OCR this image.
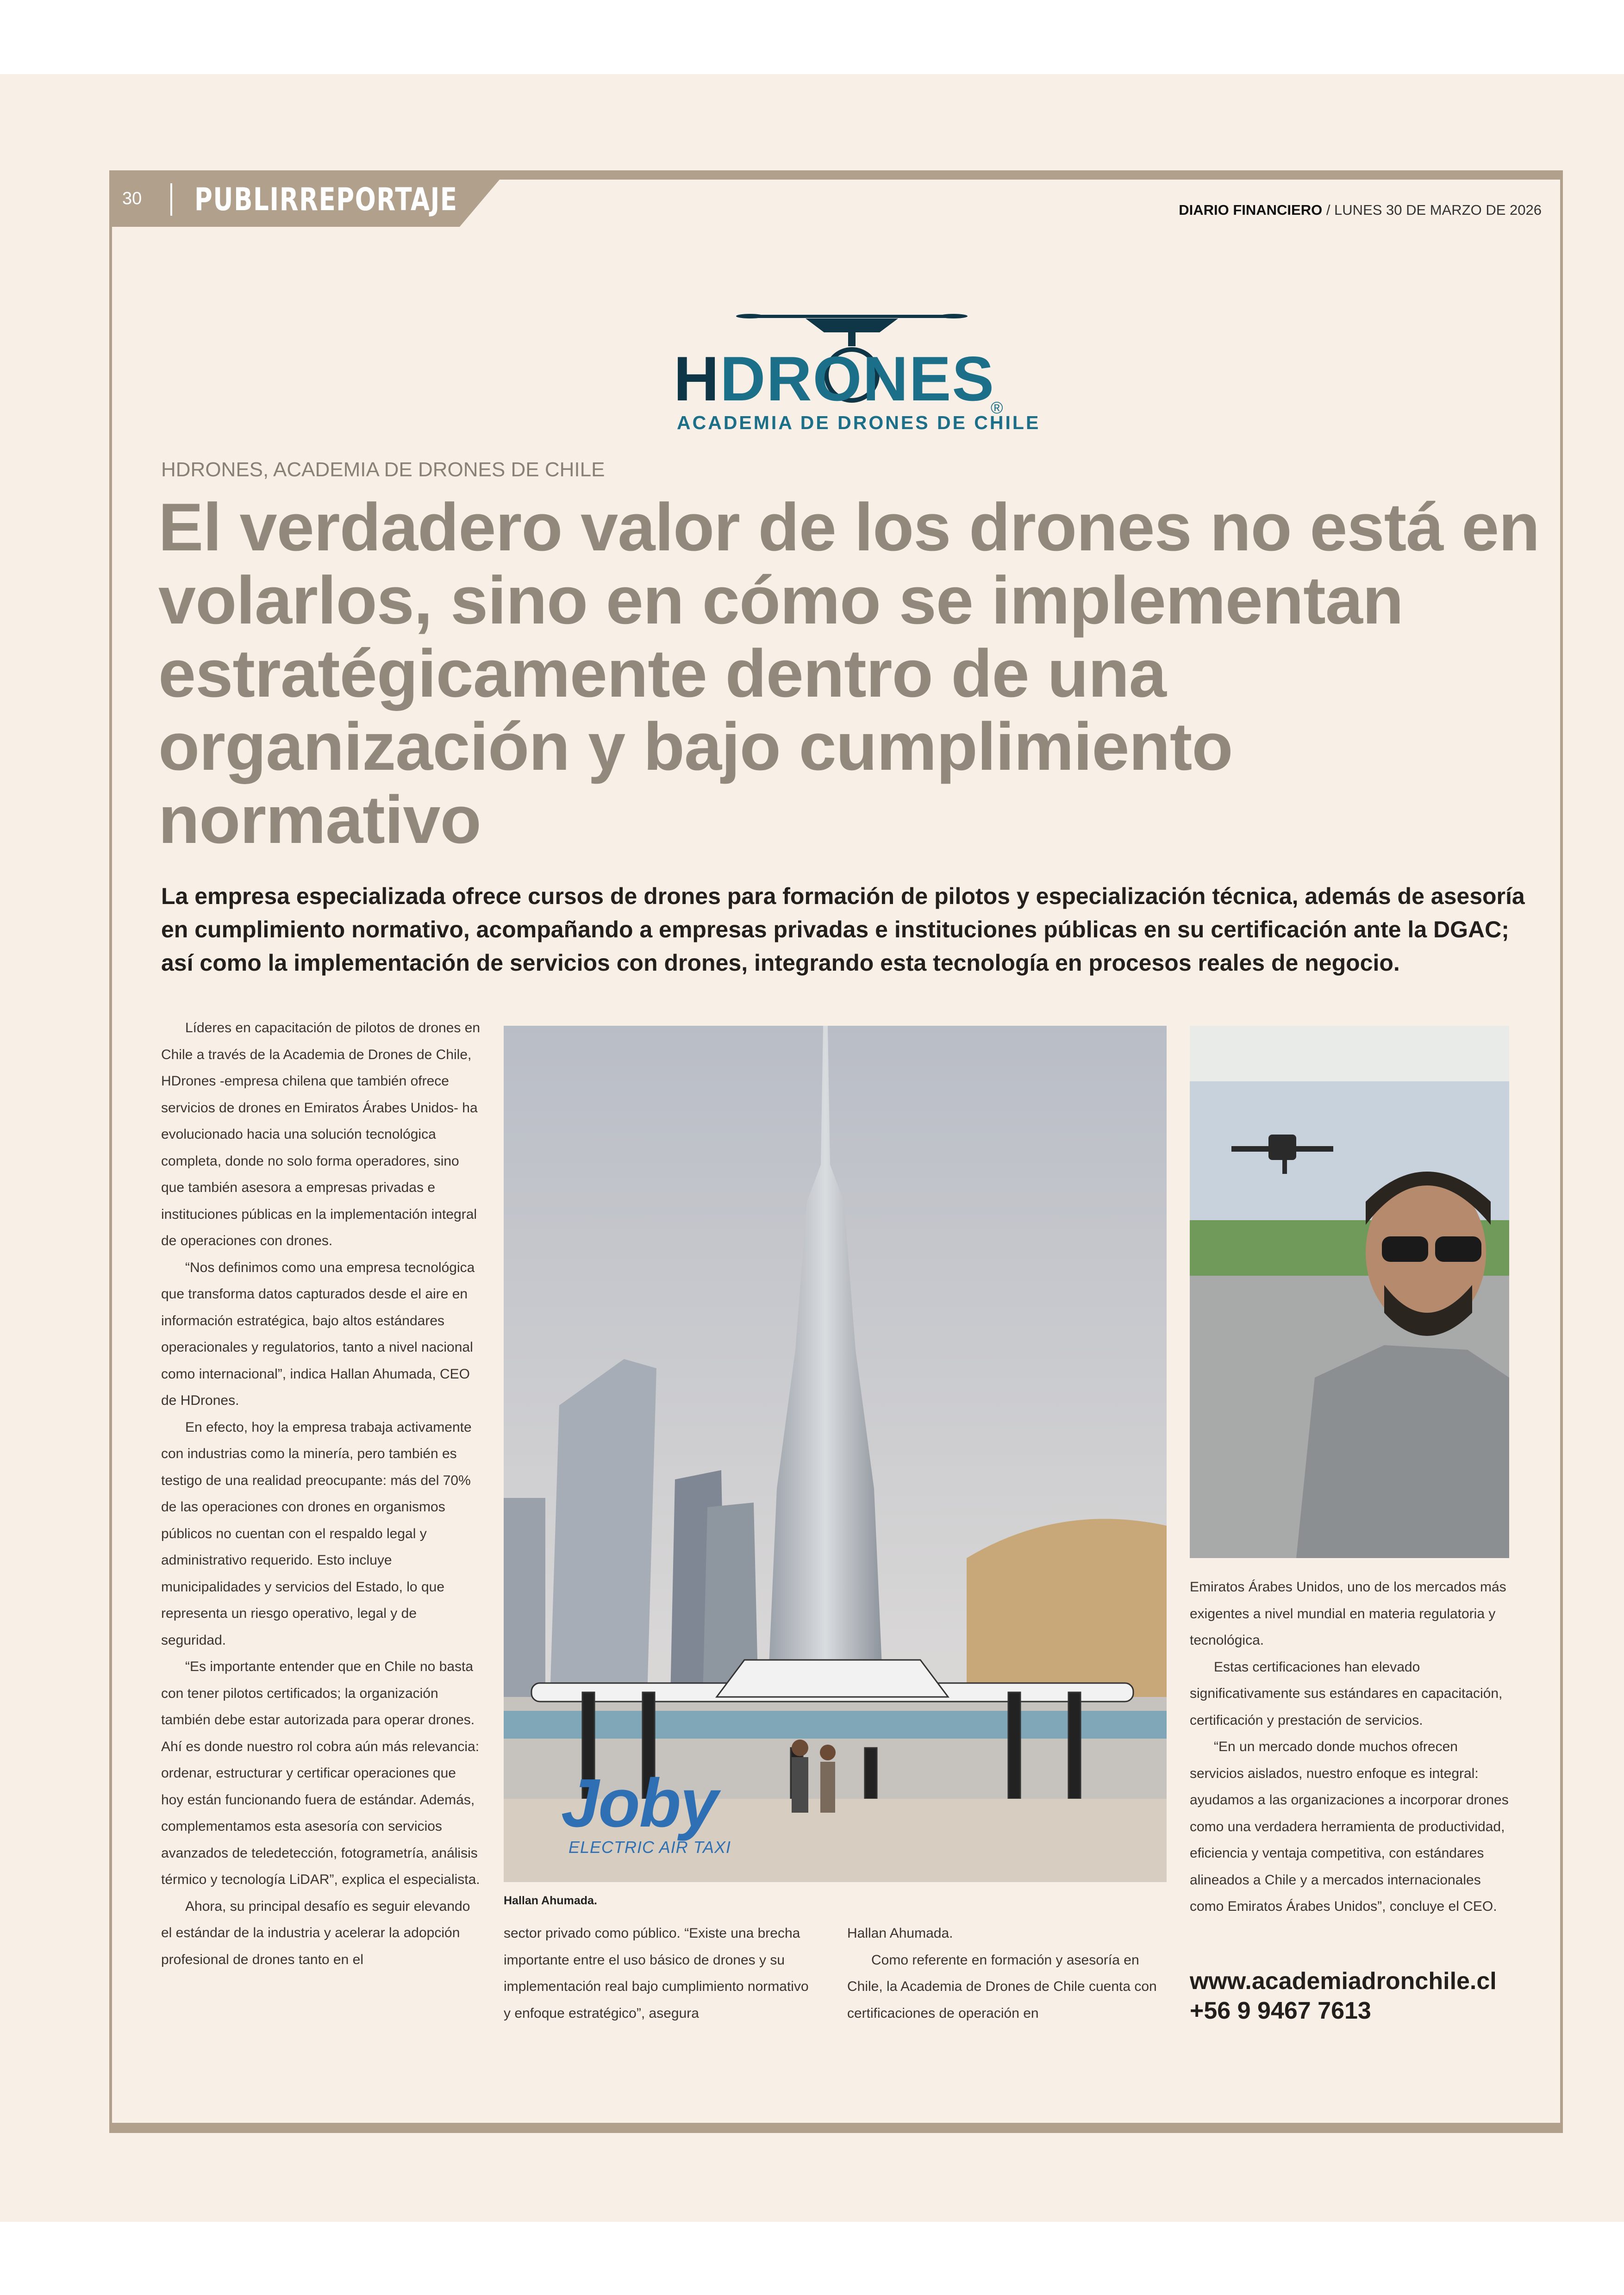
30 PUBLIRREPORTAJE	DIARIO FINANCIERO / LUNES 30 DE MARZO DE 2026
HDRONES
®
ACADEMIA DE DRONES DE CHILE
HDRONES, ACADEMIA DE DRONES DE CHILE
El verdadero valor de los drones no está en volarlos, sino en cómo se implementan estratégicamente dentro de una organización y bajo cumplimiento normativo
La empresa especializada ofrece cursos de drones para formación de pilotos y especialización técnica, además de asesoría en cumplimiento normativo, acompañando a empresas privadas e instituciones públicas en su certificación ante la DGAC; así como la implementación de servicios con drones, integrando esta tecnología en procesos reales de negocio.

Líderes en capacitación de pilotos de drones en Chile a través de la Academia de Drones de Chile, HDrones -empresa chilena que también ofrece servicios de drones en Emiratos Árabes Unidos- ha evolucionado hacia una solución tecnológica completa, donde no solo forma operadores, sino que también asesora a empresas privadas e instituciones públicas en la implementación integral de operaciones con drones.

“Nos definimos como una empresa tecnológica que transforma datos capturados desde el aire en información estratégica, bajo altos estándares operacionales y regulatorios, tanto a nivel nacional como internacional”, indica Hallan Ahumada, CEO de HDrones.

En efecto, hoy la empresa trabaja activamente con industrias como la minería, pero también es testigo de una realidad preocupante: más del 70% de las operaciones con drones en organismos públicos no cuentan con el respaldo legal y administrativo requerido. Esto incluye municipalidades y servicios del Estado, lo que representa un riesgo operativo, legal y de seguridad.

“Es importante entender que en Chile no basta con tener pilotos certificados; la organización también debe estar autorizada para operar drones. Ahí es donde nuestro rol cobra aún más relevancia: ordenar, estructurar y certificar operaciones que hoy están funcionando fuera de estándar. Además, complementamos esta asesoría con servicios avanzados de teledetección, fotogrametría, análisis térmico y tecnología LiDAR”, explica el especialista.

Ahora, su principal desafío es seguir elevando el estándar de la industria y acelerar la adopción profesional de drones tanto en el

Joby
ELECTRIC AIR TAXI
Hallan Ahumada.

sector privado como público. “Existe una brecha importante entre el uso básico de drones y su implementación real bajo cumplimiento normativo y enfoque estratégico”, asegura

Hallan Ahumada.

Como referente en formación y asesoría en Chile, la Academia de Drones de Chile cuenta con certificaciones de operación en

Emiratos Árabes Unidos, uno de los mercados más exigentes a nivel mundial en materia regulatoria y tecnológica.

Estas certificaciones han elevado significativamente sus estándares en capacitación, certificación y prestación de servicios.

“En un mercado donde muchos ofrecen servicios aislados, nuestro enfoque es integral: ayudamos a las organizaciones a incorporar drones como una verdadera herramienta de productividad, eficiencia y ventaja competitiva, con estándares alineados a Chile y a mercados internacionales como Emiratos Árabes Unidos”, concluye el CEO.

www.academiadronchile.cl
+56 9 9467 7613
